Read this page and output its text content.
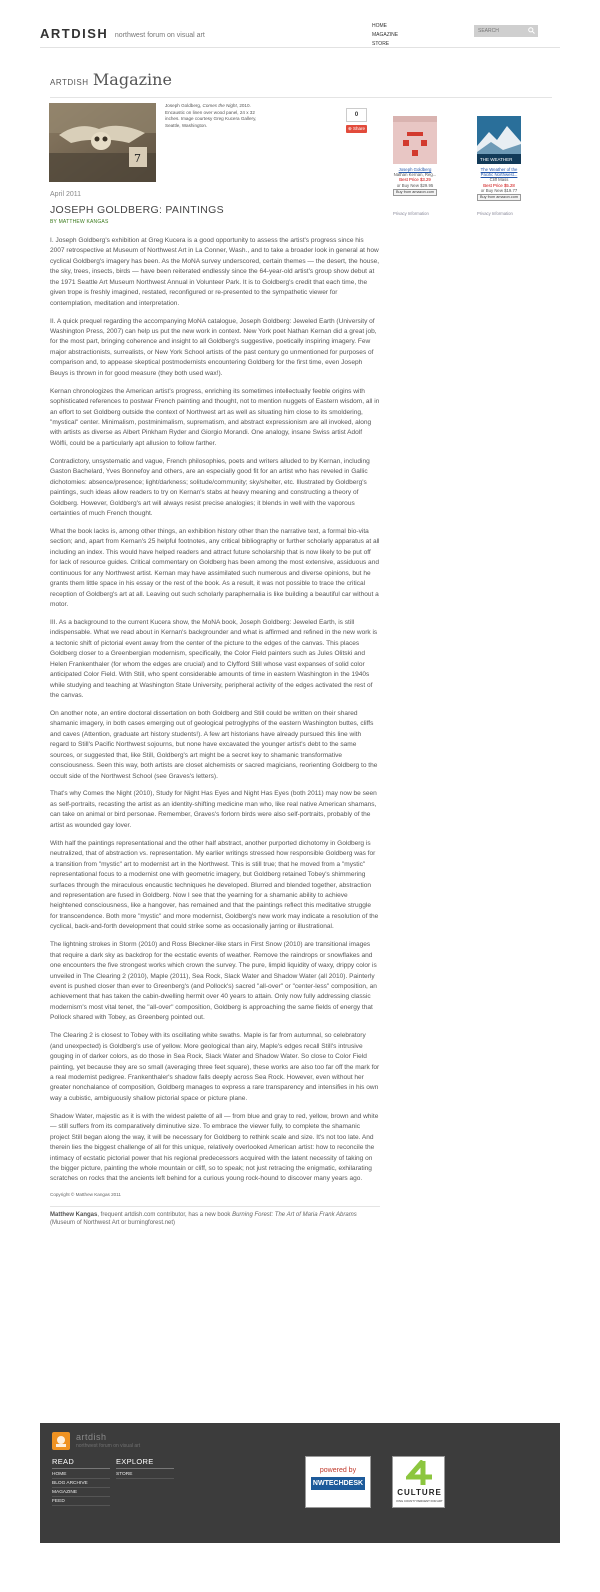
ARTDISH northwest forum on visual art
HOME
MAGAZINE
STORE
SEARCH
ARTDISH Magazine
7
Joseph Goldberg, Comes the Night, 2010. Encaustic on linen over wood panel, 24 x 32 inches. Image courtesy Greg Kucera Gallery, Seattle, Washington.
0
⊕ Share
Joseph Goldberg
Nathan Kernan, Reg...
Best Price $3.29
or Buy New $29.95
Buy from amazon.com
Privacy Information
THE WEATHER
The Weather of the Pacific Northwest...
Cliff Mass
Best Price $5.28
or Buy New $19.77
Buy from amazon.com
Privacy Information
April 2011
JOSEPH GOLDBERG: PAINTINGS
BY MATTHEW KANGAS

I. Joseph Goldberg's exhibition at Greg Kucera is a good opportunity to assess the artist's progress since his 2007 retrospective at Museum of Northwest Art in La Conner, Wash., and to take a broader look in general at how cyclical Goldberg's imagery has been. As the MoNA survey underscored, certain themes — the desert, the house, the sky, trees, insects, birds — have been reiterated endlessly since the 64-year-old artist's group show debut at the 1971 Seattle Art Museum Northwest Annual in Volunteer Park. It is to Goldberg's credit that each time, the given trope is freshly imagined, restated, reconfigured or re-presented to the sympathetic viewer for contemplation, meditation and interpretation.

II. A quick prequel regarding the accompanying MoNA catalogue, Joseph Goldberg: Jeweled Earth (University of Washington Press, 2007) can help us put the new work in context. New York poet Nathan Kernan did a great job, for the most part, bringing coherence and insight to all Goldberg's suggestive, poetically inspiring imagery. Few major abstractionists, surrealists, or New York School artists of the past century go unmentioned for purposes of comparison and, to appease skeptical postmodernists encountering Goldberg for the first time, even Joseph Beuys is thrown in for good measure (they both used wax!).

Kernan chronologizes the American artist's progress, enriching its sometimes intellectually feeble origins with sophisticated references to postwar French painting and thought, not to mention nuggets of Eastern wisdom, all in an effort to set Goldberg outside the context of Northwest art as well as situating him close to its smoldering, "mystical" center. Minimalism, postminimalism, suprematism, and abstract expressionism are all invoked, along with artists as diverse as Albert Pinkham Ryder and Giorgio Morandi. One analogy, insane Swiss artist Adolf Wölfli, could be a particularly apt allusion to follow farther.

Contradictory, unsystematic and vague, French philosophies, poets and writers alluded to by Kernan, including Gaston Bachelard, Yves Bonnefoy and others, are an especially good fit for an artist who has reveled in Gallic dichotomies: absence/presence; light/darkness; solitude/community; sky/shelter, etc. Illustrated by Goldberg's paintings, such ideas allow readers to try on Kernan's stabs at heavy meaning and constructing a theory of Goldberg. However, Goldberg's art will always resist precise analogies; it blends in well with the vaporous certainties of much French thought.

What the book lacks is, among other things, an exhibition history other than the narrative text, a formal bio-vita section; and, apart from Kernan's 25 helpful footnotes, any critical bibliography or further scholarly apparatus at all including an index. This would have helped readers and attract future scholarship that is now likely to be put off for lack of resource guides. Critical commentary on Goldberg has been among the most extensive, assiduous and continuous for any Northwest artist. Kernan may have assimilated such numerous and diverse opinions, but he grants them little space in his essay or the rest of the book. As a result, it was not possible to trace the critical reception of Goldberg's art at all. Leaving out such scholarly paraphernalia is like building a beautiful car without a motor.

III. As a background to the current Kucera show, the MoNA book, Joseph Goldberg: Jeweled Earth, is still indispensable. What we read about in Kernan's backgrounder and what is affirmed and refined in the new work is a tectonic shift of pictorial event away from the center of the picture to the edges of the canvas. This places Goldberg closer to a Greenbergian modernism, specifically, the Color Field painters such as Jules Olitski and Helen Frankenthaler (for whom the edges are crucial) and to Clyfford Still whose vast expanses of solid color anticipated Color Field. With Still, who spent considerable amounts of time in eastern Washington in the 1940s while studying and teaching at Washington State University, peripheral activity of the edges activated the rest of the canvas.

On another note, an entire doctoral dissertation on both Goldberg and Still could be written on their shared shamanic imagery, in both cases emerging out of geological petroglyphs of the eastern Washington buttes, cliffs and caves (Attention, graduate art history students!). A few art historians have already pursued this line with regard to Still's Pacific Northwest sojourns, but none have excavated the younger artist's debt to the same sources, or suggested that, like Still, Goldberg's art might be a secret key to shamanic transformative consciousness. Seen this way, both artists are closet alchemists or sacred magicians, reorienting Goldberg to the occult side of the Northwest School (see Graves's letters).

That's why Comes the Night (2010), Study for Night Has Eyes and Night Has Eyes (both 2011) may now be seen as self-portraits, recasting the artist as an identity-shifting medicine man who, like real native American shamans, can take on animal or bird personae. Remember, Graves's forlorn birds were also self-portraits, probably of the artist as wounded gay lover.

With half the paintings representational and the other half abstract, another purported dichotomy in Goldberg is neutralized, that of abstraction vs. representation. My earlier writings stressed how responsible Goldberg was for a transition from "mystic" art to modernist art in the Northwest. This is still true; that he moved from a "mystic" representational focus to a modernist one with geometric imagery, but Goldberg retained Tobey's shimmering surfaces through the miraculous encaustic techniques he developed. Blurred and blended together, abstraction and representation are fused in Goldberg. Now I see that the yearning for a shamanic ability to achieve heightened consciousness, like a hangover, has remained and that the paintings reflect this meditative struggle for transcendence. Both more "mystic" and more modernist, Goldberg's new work may indicate a resolution of the cyclical, back-and-forth development that could strike some as occasionally jarring or illustrational.

The lightning strokes in Storm (2010) and Ross Bleckner-like stars in First Snow (2010) are transitional images that require a dark sky as backdrop for the ecstatic events of weather. Remove the raindrops or snowflakes and one encounters the five strongest works which crown the survey. The pure, limpid liquidity of waxy, drippy color is unveiled in The Clearing 2 (2010), Maple (2011), Sea Rock, Slack Water and Shadow Water (all 2010). Painterly event is pushed closer than ever to Greenberg's (and Pollock's) sacred "all-over" or "center-less" composition, an achievement that has taken the cabin-dwelling hermit over 40 years to attain. Only now fully addressing classic modernism's most vital tenet, the "all-over" composition, Goldberg is approaching the same fields of energy that Pollock shared with Tobey, as Greenberg pointed out.

The Clearing 2 is closest to Tobey with its oscillating white swaths. Maple is far from autumnal, so celebratory (and unexpected) is Goldberg's use of yellow. More geological than airy, Maple's edges recall Still's intrusive gouging in of darker colors, as do those in Sea Rock, Slack Water and Shadow Water. So close to Color Field painting, yet because they are so small (averaging three feet square), these works are also too far off the mark for a real modernist pedigree. Frankenthaler's shadow falls deeply across Sea Rock. However, even without her greater nonchalance of composition, Goldberg manages to express a rare transparency and intensifies in his own way a cubistic, ambiguously shallow pictorial space or picture plane.

Shadow Water, majestic as it is with the widest palette of all — from blue and gray to red, yellow, brown and white — still suffers from its comparatively diminutive size. To embrace the viewer fully, to complete the shamanic project Still began along the way, it will be necessary for Goldberg to rethink scale and size. It's not too late. And therein lies the biggest challenge of all for this unique, relatively overlooked American artist: how to reconcile the intimacy of ecstatic pictorial power that his regional predecessors acquired with the latent necessity of taking on the bigger picture, painting the whole mountain or cliff, so to speak; not just retracing the enigmatic, exhilarating scratches on rocks that the ancients left behind for a curious young rock-hound to discover many years ago.

Copyright © Matthew Kangas 2011

Matthew Kangas, frequent artdish.com contributor, has a new book Burning Forest: The Art of Maria Frank Abrams (Museum of Northwest Art or burningforest.net)
artdish
northwest forum on visual art
READ
HOME
BLOG ARCHIVE
MAGAZINE
FEED
EXPLORE
STORE
powered by
NWTECHDESK
CULTURE
KING COUNTY PERCENT FOR ART
